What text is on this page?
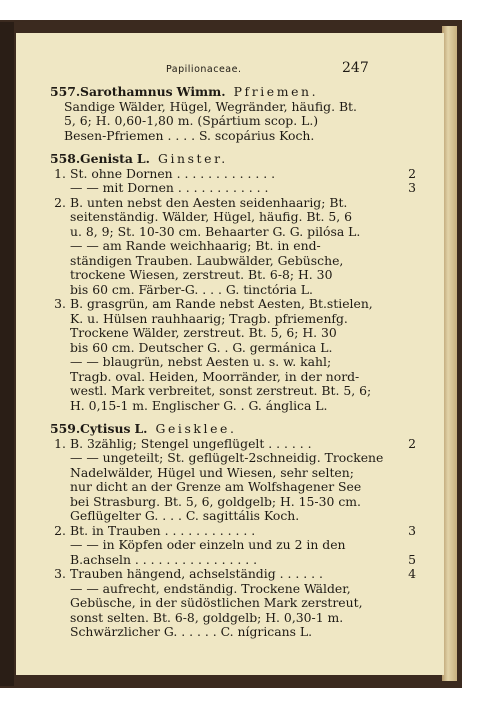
Papilionaceae.	247
557. Sarothamnus Wimm. Pfriemen.
Sandige Wälder, Hügel, Wegränder, häufig. Bt.
5, 6; H. 0,60-1,80 m. (Spártium scop. L.)
Besen-Pfriemen . . . . S. scopárius Koch.
558. Genista L. Ginster.
1. St. ohne Dornen . . . . . . . . . . . . .	2
— — mit Dornen . . . . . . . . . . . .	3
2. B. unten nebst den Aesten seidenhaarig; Bt.
seitenständig. Wälder, Hügel, häufig. Bt. 5, 6
u. 8, 9; St. 10-30 cm. Behaarter G. G. pilósa L.
— — am Rande weichhaarig; Bt. in end-
ständigen Trauben. Laubwälder, Gebüsche,
trockene Wiesen, zerstreut. Bt. 6-8; H. 30
bis 60 cm. Färber-G. . . . G. tinctória L.
3. B. grasgrün, am Rande nebst Aesten, Bt.stielen,
K. u. Hülsen rauhhaarig; Tragb. pfriemenfg.
Trockene Wälder, zerstreut. Bt. 5, 6; H. 30
bis 60 cm. Deutscher G. . G. germánica L.
— — blaugrün, nebst Aesten u. s. w. kahl;
Tragb. oval. Heiden, Moorränder, in der nord-
westl. Mark verbreitet, sonst zerstreut. Bt. 5, 6;
H. 0,15-1 m. Englischer G. . G. ánglica L.
559. Cytisus L. Geisklee.
1. B. 3zählig; Stengel ungeflügelt . . . . . .	2
— — ungeteilt; St. geflügelt-2schneidig. Trockene
Nadelwälder, Hügel und Wiesen, sehr selten;
nur dicht an der Grenze am Wolfshagener See
bei Strasburg. Bt. 5, 6, goldgelb; H. 15-30 cm.
Geflügelter G. . . . C. sagittális Koch.
2. Bt. in Trauben . . . . . . . . . . . .	3
— — in Köpfen oder einzeln und zu 2 in den
B.achseln . . . . . . . . . . . . . . . .	5
3. Trauben hängend, achselständig . . . . . .	4
— — aufrecht, endständig. Trockene Wälder,
Gebüsche, in der südöstlichen Mark zerstreut,
sonst selten. Bt. 6-8, goldgelb; H. 0,30-1 m.
Schwärzlicher G. . . . . . C. nígricans L.
